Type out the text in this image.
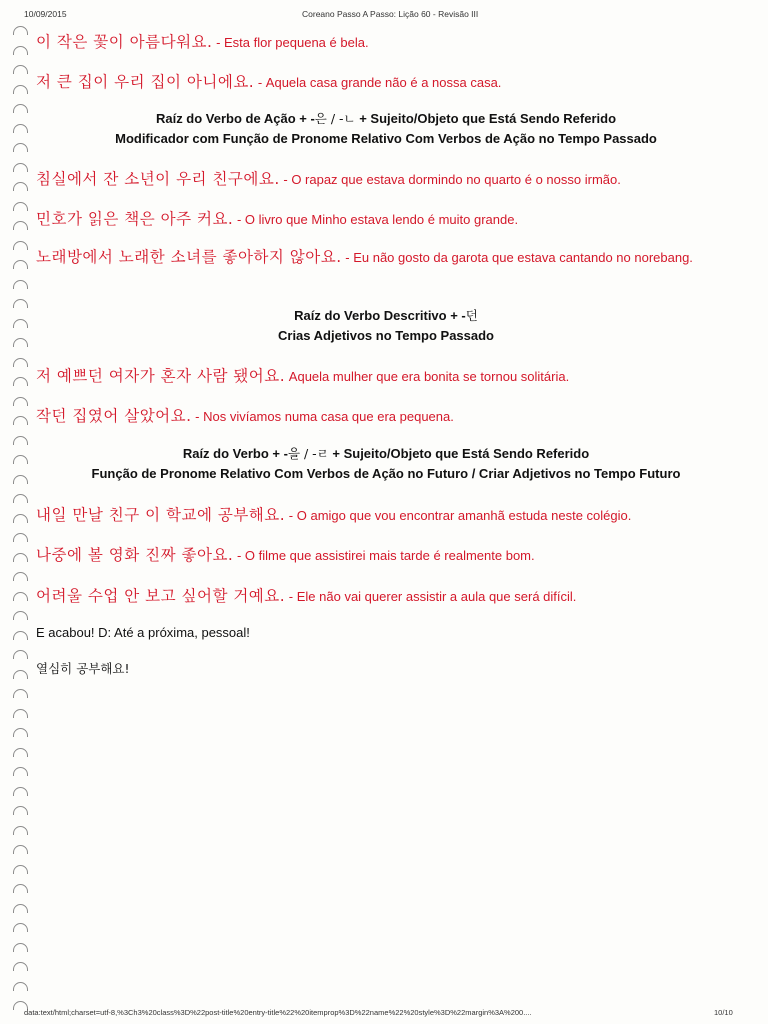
10/09/2015	Coreano Passo A Passo: Lição 60 - Revisão III
이 작은 꽃이 아름다워요. - Esta flor pequena é bela.
저 큰 집이 우리 집이 아니에요. - Aquela casa grande não é a nossa casa.
Raíz do Verbo de Ação + -은 / -ㄴ + Sujeito/Objeto que Está Sendo Referido
Modificador com Função de Pronome Relativo Com Verbos de Ação no Tempo Passado
침실에서 잔 소년이 우리 친구에요. - O rapaz que estava dormindo no quarto é o nosso irmão.
민호가 읽은 책은 아주 커요. - O livro que Minho estava lendo é muito grande.
노래방에서 노래한 소녀를 좋아하지 않아요. - Eu não gosto da garota que estava cantando no norebang.
Raíz do Verbo Descritivo + -던
Crias Adjetivos no Tempo Passado
저 예쁘던 여자가 혼자 사람 됐어요. Aquela mulher que era bonita se tornou solitária.
작던 집였어 살았어요. - Nos vivíamos numa casa que era pequena.
Raíz do Verbo + -을 / -ㄹ + Sujeito/Objeto que Está Sendo Referido
Função de Pronome Relativo Com Verbos de Ação no Futuro / Criar Adjetivos no Tempo Futuro
내일 만날 친구 이 학교에 공부해요. - O amigo que vou encontrar amanhã estuda neste colégio.
나중에 볼 영화 진짜 좋아요. - O filme que assistirei mais tarde é realmente bom.
어려울 수업 안 보고 싶어할 거예요. - Ele não vai querer assistir a aula que será difícil.
E acabou! D: Até a próxima, pessoal!
열심히 공부해요!
data:text/html;charset=utf-8,%3Ch3%20class%3D%22post-title%20entry-title%22%20itemprop%3D%22name%22%20style%3D%22margin%3A%200....	10/10
